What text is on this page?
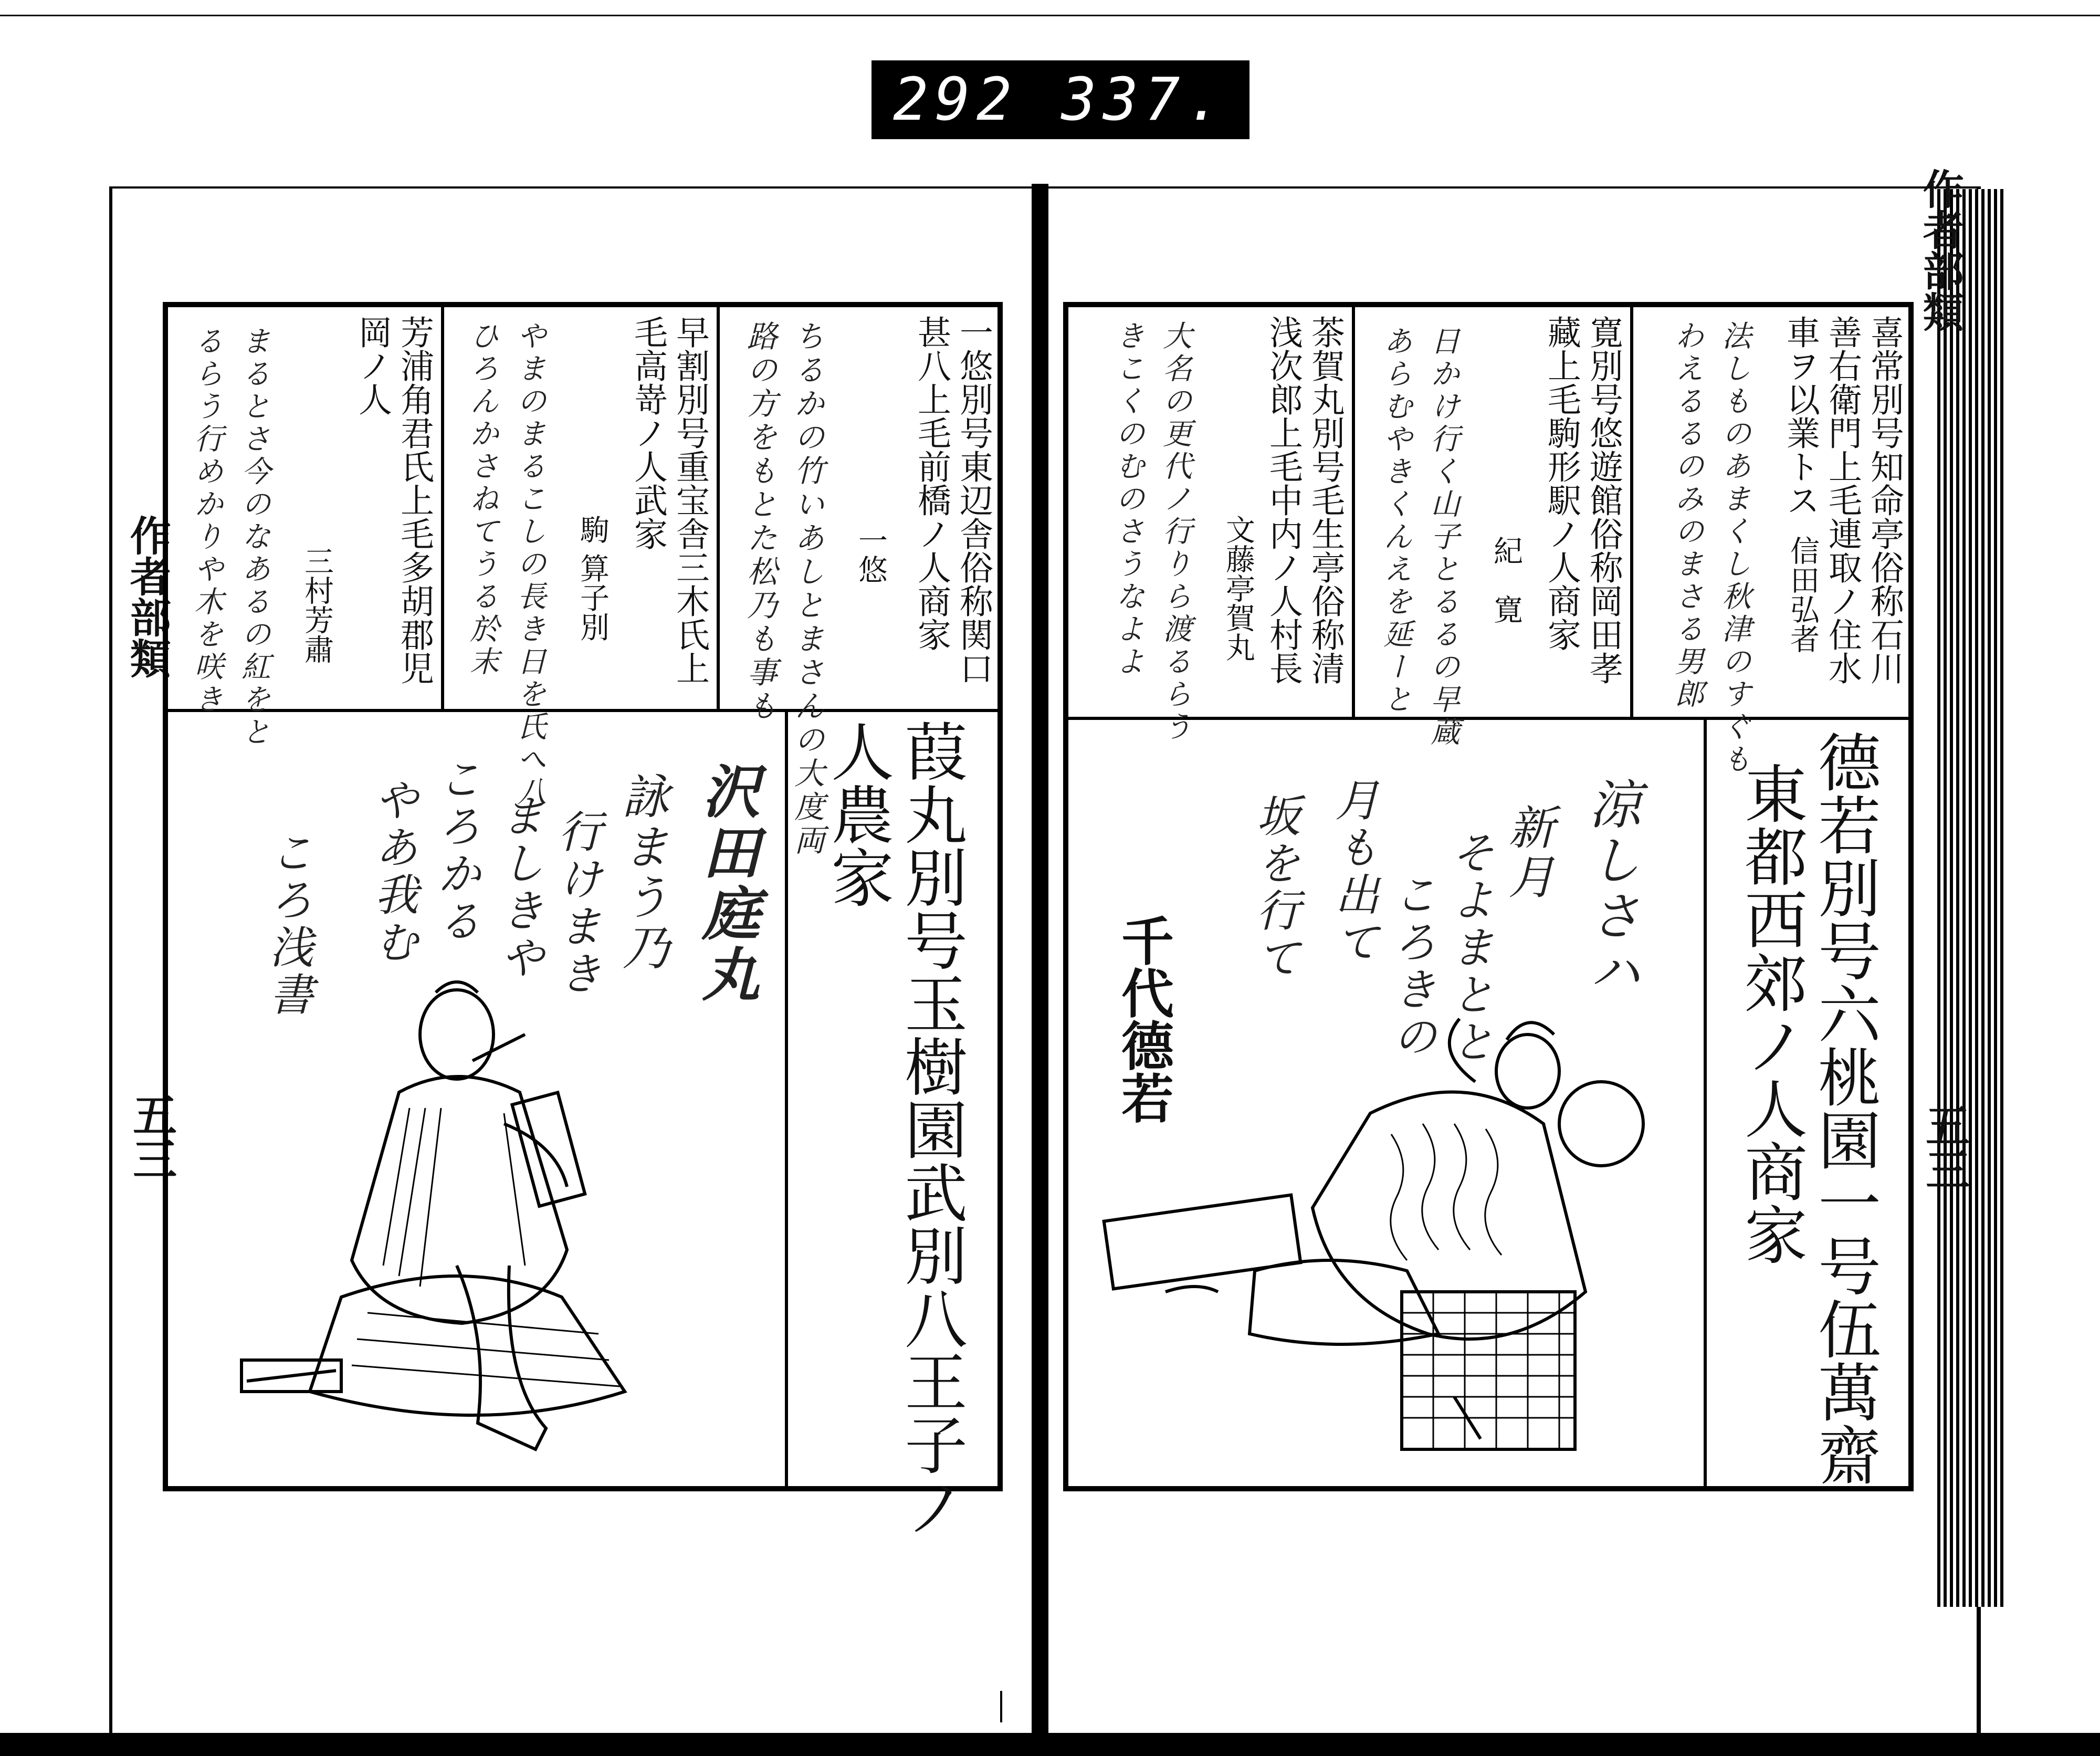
292 337.
作者部類
五三
作者部類
五三
一悠別号東辺舎俗称関口
甚八上毛前橋ノ人商家
一悠
ちるかの竹いあしとまさんの大度両
路の方をもとた松乃も事も
早割別号重宝舎三木氏上
毛高嵜ノ人武家
駒 算子別
やまのまるこしの長き日を氏へ八
ひろんかさねてうる於末
芳浦角君氏上毛多胡郡児
岡ノ人
三村芳肅
まるとさ今のなあるの紅をと
るらう行めかりや木を咲き
葭丸別号玉樹園武別八王子ノ
人農家
沢田庭丸
詠まう乃
行けまき
ましきや
ころかる
やあ我む
ころ浅書
喜常別号知命亭俗称石川
善右衛門上毛連取ノ住水
車ヲ以業トス
信田弘者
法しものあまくし秋津のすぐも
わえるるのみのまさる男郎
寛別号悠遊館俗称岡田孝
藏上毛駒形駅ノ人商家
紀　寛
日かけ行く山子とるるの早蔵
あらむやきくんえを延ーと
茶賀丸別号毛生亭俗称清
浅次郎上毛中内ノ人村長
文藤亭賀丸
大名の更代ノ行りら渡るらう
きこくのむのさうなよよ
德若別号六桃園一号伍萬齋
東都西郊ノ人商家
涼しさハ
新月
そよまとと
ころきの
月も出て
坂を行て
千代德若
